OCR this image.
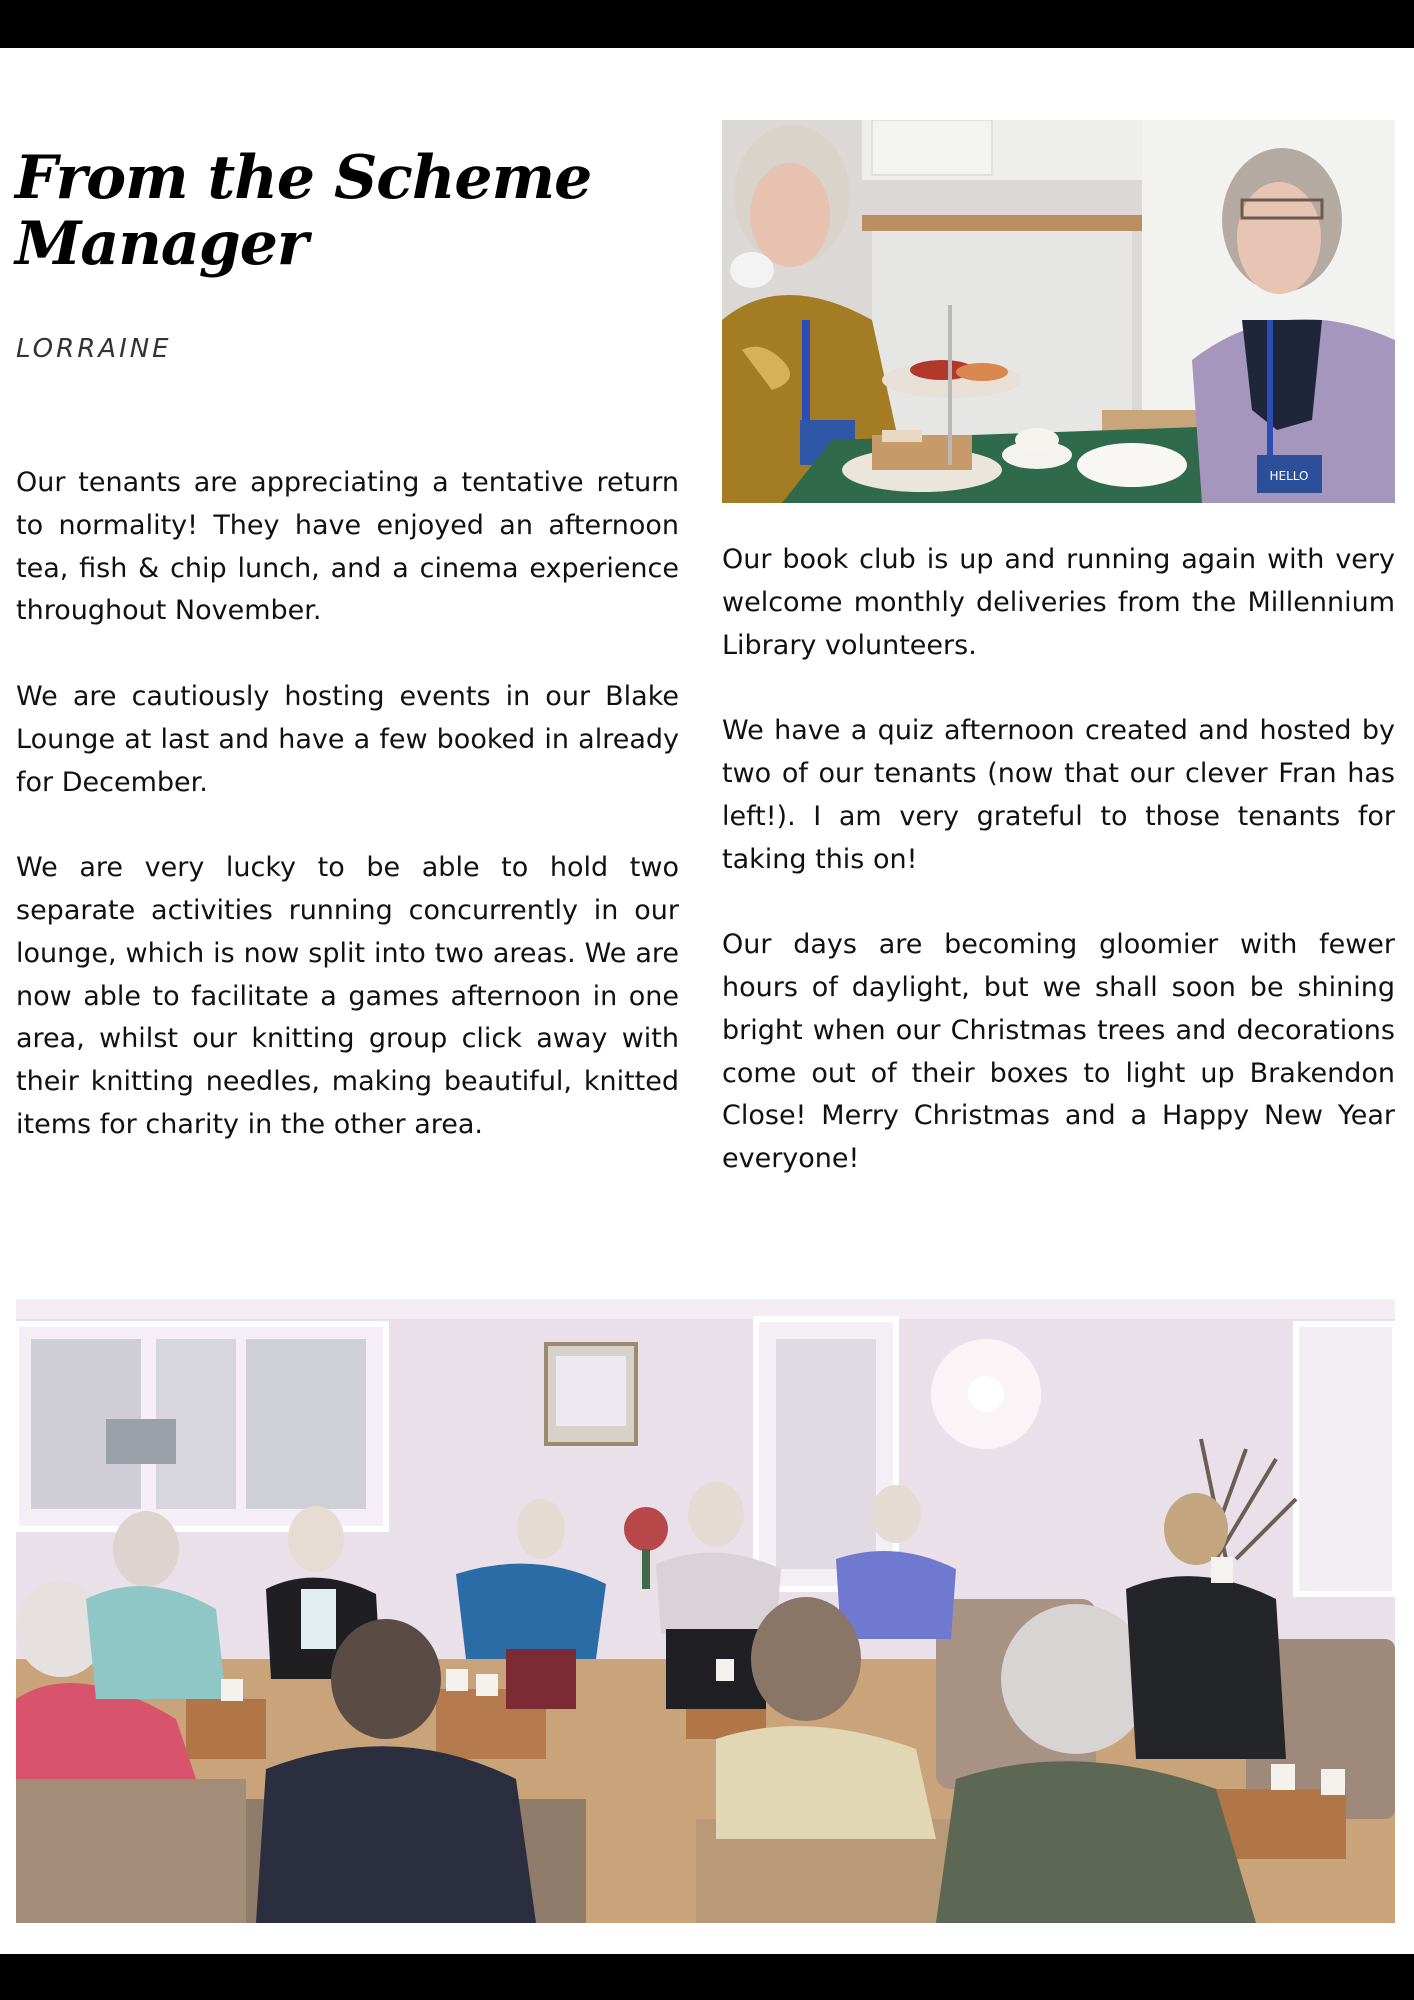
From the Scheme
Manager
LORRAINE

Our tenants are appreciating a tentative return to normality! They have enjoyed an afternoon tea, fish & chip lunch, and a cinema experience throughout November.

We are cautiously hosting events in our Blake Lounge at last and have a few booked in already for December.

We are very lucky to be able to hold two separate activities running concurrently in our lounge, which is now split into two areas. We are now able to facilitate a games afternoon in one area, whilst our knitting group click away with their knitting needles, making beautiful, knitted items for charity in the other area.

HELLO

Our book club is up and running again with very welcome monthly deliveries from the Millennium Library volunteers.

We have a quiz afternoon created and hosted by two of our tenants (now that our clever Fran has left!). I am very grateful to those tenants for taking this on!

Our days are becoming gloomier with fewer hours of daylight, but we shall soon be shining bright when our Christmas trees and decorations come out of their boxes to light up Brakendon Close! Merry Christmas and a Happy New Year everyone!
